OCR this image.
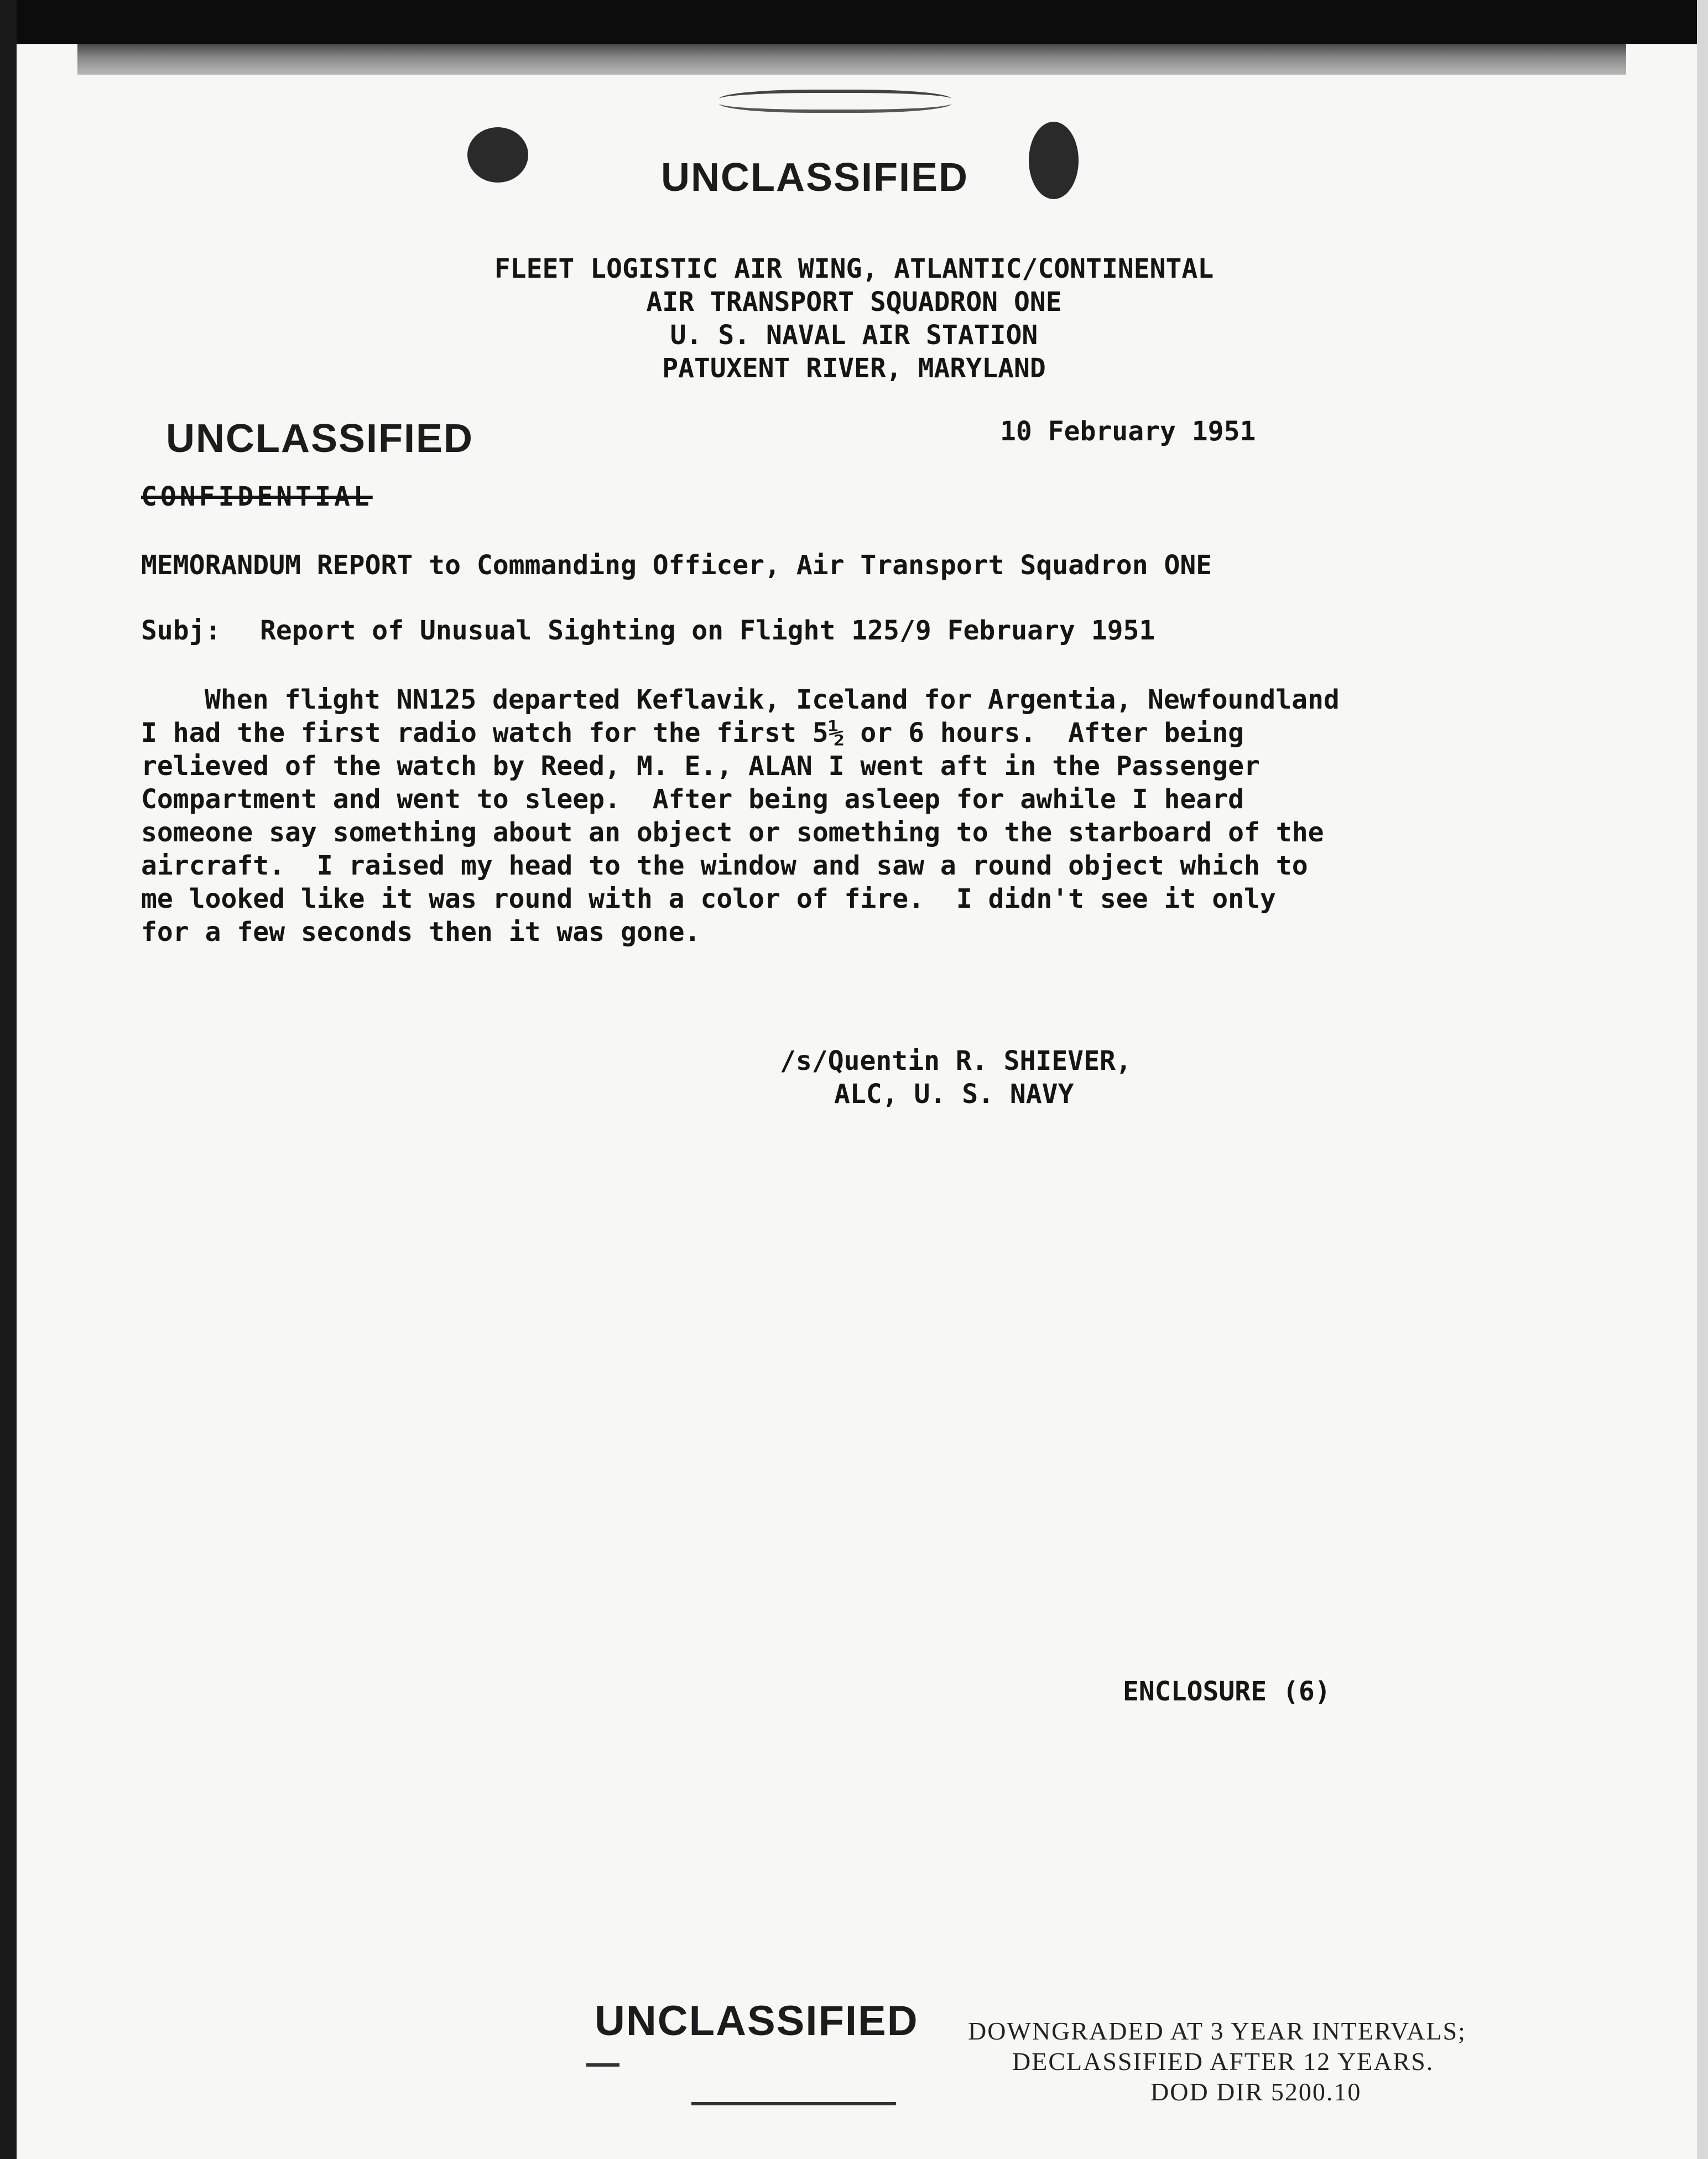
UNCLASSIFIED
FLEET LOGISTIC AIR WING, ATLANTIC/CONTINENTAL
AIR TRANSPORT SQUADRON ONE
U. S. NAVAL AIR STATION
PATUXENT RIVER, MARYLAND
UNCLASSIFIED	10 February 1951
CONFIDENTIAL
MEMORANDUM REPORT to Commanding Officer, Air Transport Squadron ONE
Subj: Report of Unusual Sighting on Flight 125/9 February 1951
When flight NN125 departed Keflavik, Iceland for Argentia, Newfoundland
I had the first radio watch for the first 5½ or 6 hours.  After being
relieved of the watch by Reed, M. E., ALAN I went aft in the Passenger
Compartment and went to sleep.  After being asleep for awhile I heard
someone say something about an object or something to the starboard of the
aircraft.  I raised my head to the window and saw a round object which to
me looked like it was round with a color of fire.  I didn't see it only
for a few seconds then it was gone.
/s/Quentin R. SHIEVER,
ALC, U. S. NAVY
ENCLOSURE (6)
UNCLASSIFIED DOWNGRADED AT 3 YEAR INTERVALS;
DECLASSIFIED AFTER 12 YEARS.
DOD DIR 5200.10
